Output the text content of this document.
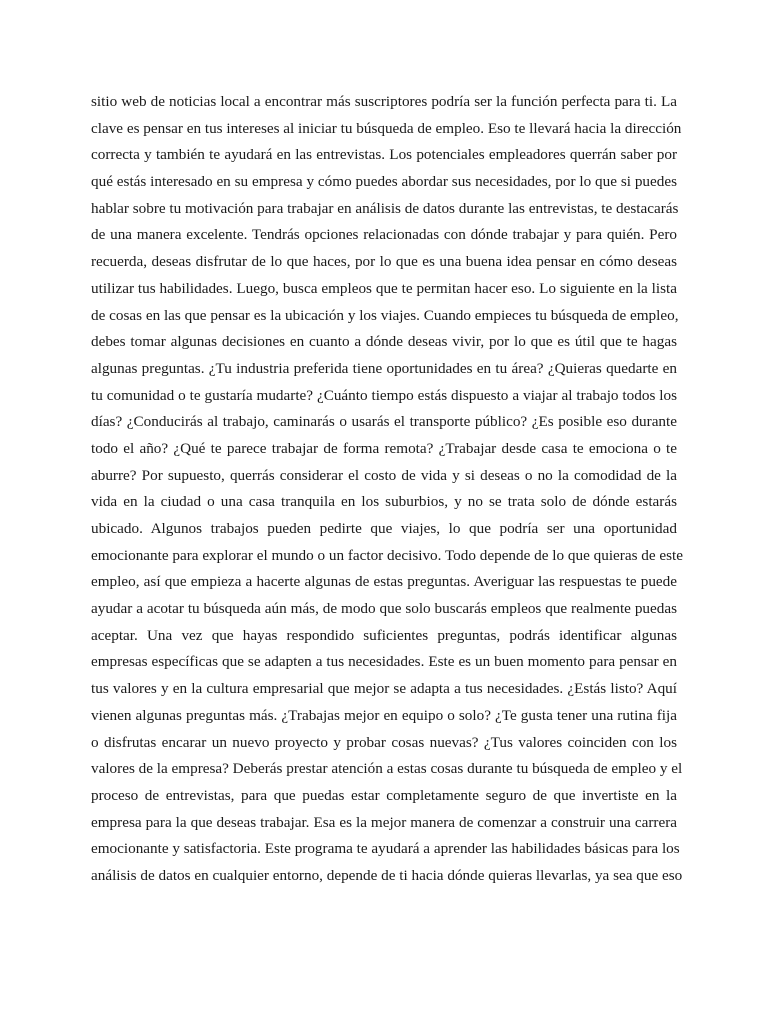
sitio web de noticias local a encontrar más suscriptores podría ser la función perfecta para ti. La
clave es pensar en tus intereses al iniciar tu búsqueda de empleo. Eso te llevará hacia la dirección
correcta y también te ayudará en las entrevistas. Los potenciales empleadores querrán saber por
qué estás interesado en su empresa y cómo puedes abordar sus necesidades, por lo que si puedes
hablar sobre tu motivación para trabajar en análisis de datos durante las entrevistas, te destacarás
de una manera excelente. Tendrás opciones relacionadas con dónde trabajar y para quién. Pero
recuerda, deseas disfrutar de lo que haces, por lo que es una buena idea pensar en cómo deseas
utilizar tus habilidades. Luego, busca empleos que te permitan hacer eso. Lo siguiente en la lista
de cosas en las que pensar es la ubicación y los viajes. Cuando empieces tu búsqueda de empleo,
debes tomar algunas decisiones en cuanto a dónde deseas vivir, por lo que es útil que te hagas
algunas preguntas. ¿Tu industria preferida tiene oportunidades en tu área? ¿Quieras quedarte en
tu comunidad o te gustaría mudarte? ¿Cuánto tiempo estás dispuesto a viajar al trabajo todos los
días? ¿Conducirás al trabajo, caminarás o usarás el transporte público? ¿Es posible eso durante
todo el año? ¿Qué te parece trabajar de forma remota? ¿Trabajar desde casa te emociona o te
aburre? Por supuesto, querrás considerar el costo de vida y si deseas o no la comodidad de la
vida en la ciudad o una casa tranquila en los suburbios, y no se trata solo de dónde estarás
ubicado. Algunos trabajos pueden pedirte que viajes, lo que podría ser una oportunidad
emocionante para explorar el mundo o un factor decisivo. Todo depende de lo que quieras de este
empleo, así que empieza a hacerte algunas de estas preguntas. Averiguar las respuestas te puede
ayudar a acotar tu búsqueda aún más, de modo que solo buscarás empleos que realmente puedas
aceptar. Una vez que hayas respondido suficientes preguntas, podrás identificar algunas
empresas específicas que se adapten a tus necesidades. Este es un buen momento para pensar en
tus valores y en la cultura empresarial que mejor se adapta a tus necesidades. ¿Estás listo? Aquí
vienen algunas preguntas más. ¿Trabajas mejor en equipo o solo? ¿Te gusta tener una rutina fija
o disfrutas encarar un nuevo proyecto y probar cosas nuevas? ¿Tus valores coinciden con los
valores de la empresa? Deberás prestar atención a estas cosas durante tu búsqueda de empleo y el
proceso de entrevistas, para que puedas estar completamente seguro de que invertiste en la
empresa para la que deseas trabajar. Esa es la mejor manera de comenzar a construir una carrera
emocionante y satisfactoria. Este programa te ayudará a aprender las habilidades básicas para los
análisis de datos en cualquier entorno, depende de ti hacia dónde quieras llevarlas, ya sea que eso
